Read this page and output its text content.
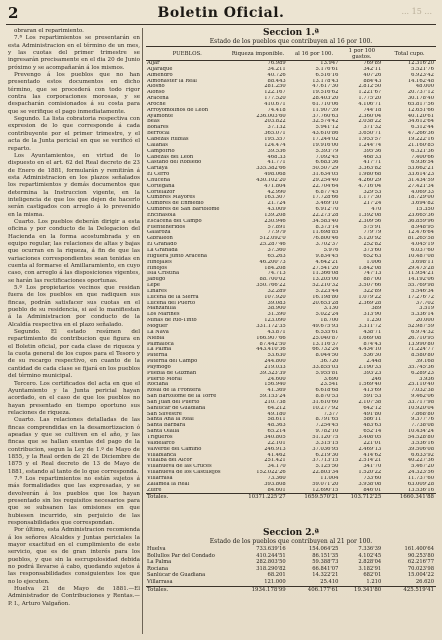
2	Boletin Oficial.	... 15 ...

obraran el reparimiento.

7.ª Los repartimientos se presentarán en esta Administracion en el término de un mes, y las cuotas del primer trimestre se ingresarán precisamente en el dia 20 de Junio próximo y se acompañarán á los mismos.

Prevengo á los pueblos que no han presentado estos documentos en dicho término, que se procederá con todo rigor contra las corporaciones morosas, y se despacharán comisionados á su costa para que se verifique el pago inmediatamente.

Segundo. La lista cobratoria respectiva con expresion de lo que corresponde á cada contribuyente por el primer trimestre, y el acta de la Junta pericial en que se verificó el reparto.

Los Ayuntamientos, en virtud de lo dispuesto en el art. 62 del Real decreto de 23 de Enero de 1881, formularán y remitirán á esta Administracion en los plazos señalados los repartimientos y demás documentos que determina la Instruccion vigente, en la inteligencia de que los que dejen de hacerlo serán castigados con arreglo á lo prevenido en la misma.

Cuarto. Los pueblos deberán dirigir a esta oficina y por conducto de la Delegacion del Hacienda en la forma acostumbrada y en equipo regular, las relaciones de altas y bajas que ocurran en la riqueza, á fin de que las variaciones correspondientes sean tenidas en cuenta al formarse el Amillaramiento, en cuyo caso, con arreglo á las disposiciones vigentes, se harán las rectificaciones oportunas.

5.º Los propietarios vecinos que residan fuera de los pueblos en que radiquen sus fincas, podrán satisfacer sus cuotas en el pueblo de su residencia, si así lo manifiestan á la Administracion por conducto de la Alcaldía respectiva en el plazo señalado.

Segundo. El estado resúmen del repartimiento de contribucion que figura en el Boletin oficial, por cada clase de riqueza y la cuota general de los cupos para el Tesoro y de su recargo respectivo, en cuanto de la cantidad de cada clase se fijará en los pueblos del término municipal.

Tercero. Los certificados del acta en que el Ayuntamiento y la Junta pericial hayan acordado, en el caso de que los pueblos no hayan presentado en tiempo oportuno sus relaciones de riqueza.

Cuarto. Las relaciones detalladas de las fincas comprendidas en la desamortizacion ó apeadas y que se cultiven en el año, y las fincas que se hallan exentas del pago de la contribucion, segun la Ley de 1.º de Mayo de 1855, y la Real orden de 21 de Diciembre de 1875 y el Real decreto de 13 de Mayo de 1881, estando al tanto de lo que corresponda.

7.ª Los repartimientos no están sujetos á más formalidades que las expresadas, y se devolverán á los pueblos que los hayan presentado sin los requisitos necesarios para que se subsanen las omisiones en que hubiesen incurrido, sin perjuicio de las responsabilidades que correspondan.

Por último, esta Administracion recomienda á los señores Alcaldes y Juntas periciales la mayor exactitud en el cumplimiento de este servicio, que es de gran interés para los pueblos, y que sin la escrupulosidad debida no podrá llevarse á cabo, quedando sujetos á las responsabilidades consiguientes los que no lo ejecuten.

Huelva 21 de Mayo de 1881.—El Administrador de Contribuciones y Rentas.—P. I., Arturo Valgañon.

Seccion 1.ª

Estado de los pueblos que contribuyen al 16 por 100.

PUEBLOS.	Riqueza imponible.	al 16 por 100.	1 por 100 gastos.	Total cupo.
Aljar	76.989	13.947	769'89	12.316'20
Aljaraque	34.211	5.176'61	342'11	5.521'76
Almendro	40.726	6.516'16	407'26	6.923'42
Almonaster la Real	88.443	13.178'43	884'43	14.162'48
Alosno	281.250	47.617'30	2.812'50	48.000
Alonso	122.167	19.516'62	1.221'67	20.737'12
Aracena	177.520	28.403'20	1.775'20	30.178'40
Aroche	410.671	61.710'06	4.106'71	65.817'56
Arroyomolinos de Leon	74.418	11.907'39	744'18	12.651'66
Ayamonte	236.003'60	37.760'63	2.360'04	40.120'61
Beas	203.822	32.574'42	2.038'22	34.612'64
Bonares	37.132	5.941'12	371'32	6.312'44
Berrocal	365.071	43.610'86	3.650'71	47.266'36
Cabezas Rubias	195.357	17.244'02	1.953'57	19.222'16
Calañas	124.474	19.916'00	1.244'74	21.160'85
Campofrio	39.536	5.393'79	395'36	6.321'36
Cabezas del Leon	468.33	7.092'45	468'33	7.400'66
Castaño del Robledo	41.771	6.683'36	417'71	6.936'54
Cartaya	335.382'66	50.507'29	3.363'82	53.662'21
El Cerro	498.068	31.634'05	1.980'68	33.614'23
Chucena	430.102'20	29.254'40	4.260'29	31.434'59
Cortegana	471.804	22.704'64	4.716'04	27.421'34
Cortelazor	42.990	6.877'45	329'53	4.069'33
Cumbres Mayores	163.307	17.728'66	1.177'30	18.729'00
Cumbres de Enmedio	21.724	3.469'10	217'24	3.694'82
Cumbres de San Bartolomé	43.009	6.912'70	470	15.350
Encinasola	139.208	22.273'28	1.392'08	23.665'36
Escacena del Campo	230.946	34.583'40	2.309'56	36.859'96
Fuenteheridos	57.891	8.373'14	575'91	8.948'95
Galaroza	77.979	11.698'85	779'79	12.476'64
Gibraleón	512.092'0	76.800'46	5.120'92	81.265'58
El Granado	25.287'46	3.702'37	252'82	4.045'19
La Granada	37.360	5.976	373'60	6.037'60
Higuera junto Aracena	65.263	9.834'45	652'63	10.487'08
Hinojales	46.200'73	4.642'21	1.006	3.698'11
Hinojos	184.208	27.541'20	1.842'08	29.473'28
Isla Cristina	74.713	11.366'08	747'13	11.954'21
Jabugo	88.700'02	13.205'00	887'00	14.192'06
Lepe	350.766'22	52.210'32	3.507'66	55.769'98
Linares	32.289	5.223'44	322'89	5.546'34
Lucena de la Sierra	107.920	16.198'80	1.079'22	17.276'72
Lucena del Puerto	39.083	20.653'28	2.369'28	37.702
Manzanilla	38.900	3.130	389	3.519
Los Marines	31.390	5.022'24	313'90	5.336'14
Minas de Rio-Tinto	123.090	18.700	1.230	20.000
Moguer	331.172'35	49.675'93	3.311'72	52.987'59
La Nava	43.871	6.535'61	438'71	6.974'32
Niebla	166.907'66	25.040'87	1.669'08	26.710'95
Palmaloca	87.442'50	13.116'37	874'43	13.990'80
La Palma	443.410'36	66.732'24	4.434'10	71.224'77
Paterna	53.630	8.044'50	536'30	8.580'80
Paterna del Campo	244.800	36.720	2.448	39.168
Paymogo	219.033	33.855'03	2.190'33	35.745'36
Puebla de Guzman	39.323'39	5.955'81	393'23	6.289'23
Puerto Moral	24.600	3.690	246	3.936
Rociana	156.940	23.541	1.569'40	25.110'40
Rosal de la Frontera	41.369	6.618'68	413'69	7.032'38
San Bartolomé de la Torre	59.153'24	8.870'53	591'53	9.462'06
San Juan del Puerto	210.738	31.610'60	2.107'38	33.717'98
Sanlúcar de Guadiana	64.212	10.277'92	642'12	10.920'04
San Silvestre	49.180	7.377	491'80	7.868'80
Santa Ana la Real	58.611	8.791'65	586'11	9.377'76
Santa Bárbara	48.363	7.254'45	483'63	7.738'08
Santa Olalla	65.214	9.782'10	652'14	10.434'24
Trigueros	340.805	51.120'75	3.408'05	54.528'80
Valdelarco	22.101	3.315'15	221'01	3.536'16
Valverde del Camino	246.913	37.036'95	2.469'13	39.506'08
Villablanca	41.462	6.219'30	414'62	6.633'92
Villalba del Alcor	251.421	37.713'15	2.514'21	40.227'36
Villanueva de las Cruces	34.170	5.125'50	341'70	5.467'20
Villanueva de los Castillejos	152.022'26	22.803'34	1.520'22	24.323'56
Villarrasa	73.360	11.004	733'60	11.737'60
Zalamea la Real	393.808	59.071'20	3.938'08	63.009'28
Zufre	84.601	12.690'15	846'01	13.536'16
Totales.	10371.225'27	1659.570'21	103.712'25	1660.341'88

Seccion 2.ª

Estado de los pueblos que contribuyen al 21 por 100.

Huelva	733.639'16	154.064'25	7.336'39	161.400'64
Bollullos Par del Condado	410.244'51	86.151'35	4.102'45	90.253'80
La Palma	282.803'50	59.388'73	2.828'04	62.216'77
Rociana	318.290'82	66.841'07	3.182'91	70.023'98
Sanlúcar de Guadiana	68.201	14.322'21	682'01	15.004'22
Villarrasa	121.000	25.410	1.210	26.620
Totales.	1934.178'99	406.177'61	19.341'80	425.519'41
